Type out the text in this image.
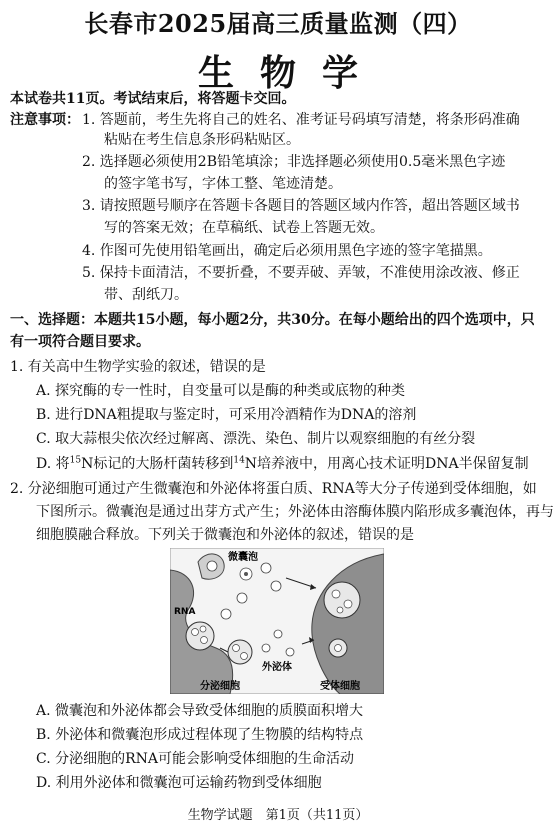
长春市2025届高三质量监测（四）
生物学
本试卷共11页。考试结束后，将答题卡交回。
注意事项： 1. 答题前，考生先将自己的姓名、准考证号码填写清楚，将条形码准确
粘贴在考生信息条形码粘贴区。
2. 选择题必须使用2B铅笔填涂；非选择题必须使用0.5毫米黑色字迹
的签字笔书写，字体工整、笔迹清楚。
3. 请按照题号顺序在答题卡各题目的答题区域内作答，超出答题区域书
写的答案无效；在草稿纸、试卷上答题无效。
4. 作图可先使用铅笔画出，确定后必须用黑色字迹的签字笔描黑。
5. 保持卡面清洁，不要折叠，不要弄破、弄皱，不准使用涂改液、修正
带、刮纸刀。
一、选择题：本题共15小题，每小题2分，共30分。在每小题给出的四个选项中，只
有一项符合题目要求。
1. 有关高中生物学实验的叙述，错误的是
A. 探究酶的专一性时，自变量可以是酶的种类或底物的种类
B. 进行DNA粗提取与鉴定时，可采用冷酒精作为DNA的溶剂
C. 取大蒜根尖依次经过解离、漂洗、染色、制片以观察细胞的有丝分裂
D. 将$^{15}$N标记的大肠杆菌转移到$^{14}$N培养液中，用离心技术证明DNA半保留复制
2. 分泌细胞可通过产生微囊泡和外泌体将蛋白质、RNA等大分子传递到受体细胞，如
下图所示。微囊泡是通过出芽方式产生；外泌体由溶酶体膜内陷形成多囊泡体，再与
细胞膜融合释放。下列关于微囊泡和外泌体的叙述，错误的是
微囊泡
RNA
外泌体
分泌细胞	受体细胞
A. 微囊泡和外泌体都会导致受体细胞的质膜面积增大
B. 外泌体和微囊泡形成过程体现了生物膜的结构特点
C. 分泌细胞的RNA可能会影响受体细胞的生命活动
D. 利用外泌体和微囊泡可运输药物到受体细胞
生物学试题　第1页（共11页）
